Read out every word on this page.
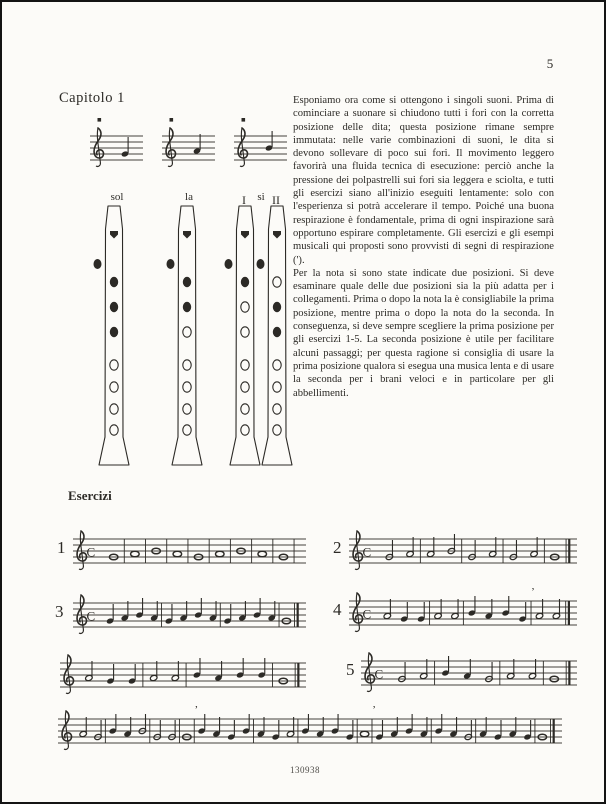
5
Capitolo 1	Esponiamo ora come si ottengono i singoli suoni. Prima di cominciare a suonare si chiudono tutti i fori con la corretta posizione delle dita; questa posizione rimane sempre immutata: nelle varie combinazioni di suoni, le dita si devono sollevare di poco sui fori. Il movimento leggero favorirà una fluida tecnica di esecuzione: perciò anche la pressione dei polpastrelli sui fori sia leggera e sciolta, e tutti gli esercizi siano all'inizio eseguiti lentamente: solo con l'esperienza si potrà accelerare il tempo. Poiché una buona respirazione è fondamentale, prima di ogni inspirazione sarà opportuno espirare completamente. Gli esercizi e gli esempi musicali qui proposti sono provvisti di segni di respirazione (').

Per la nota si sono state indicate due posizioni. Si deve esaminare quale delle due posizioni sia la più adatta per i collegamenti. Prima o dopo la nota la è consigliabile la prima posizione, mentre prima o dopo la nota do la seconda. In conseguenza, si deve sempre scegliere la prima posizione per gli esercizi 1-5. La seconda posizione è utile per facilitare alcuni passaggi; per questa ragione si consiglia di usare la prima posizione qualora si esegua una musica lenta e di usare la seconda per i brani veloci e in particolare per gli abbellimenti.

sol	la	si
I	II
Esercizi
1	2
3	4
5
C	C
C	C
’
C
’	’
130938
